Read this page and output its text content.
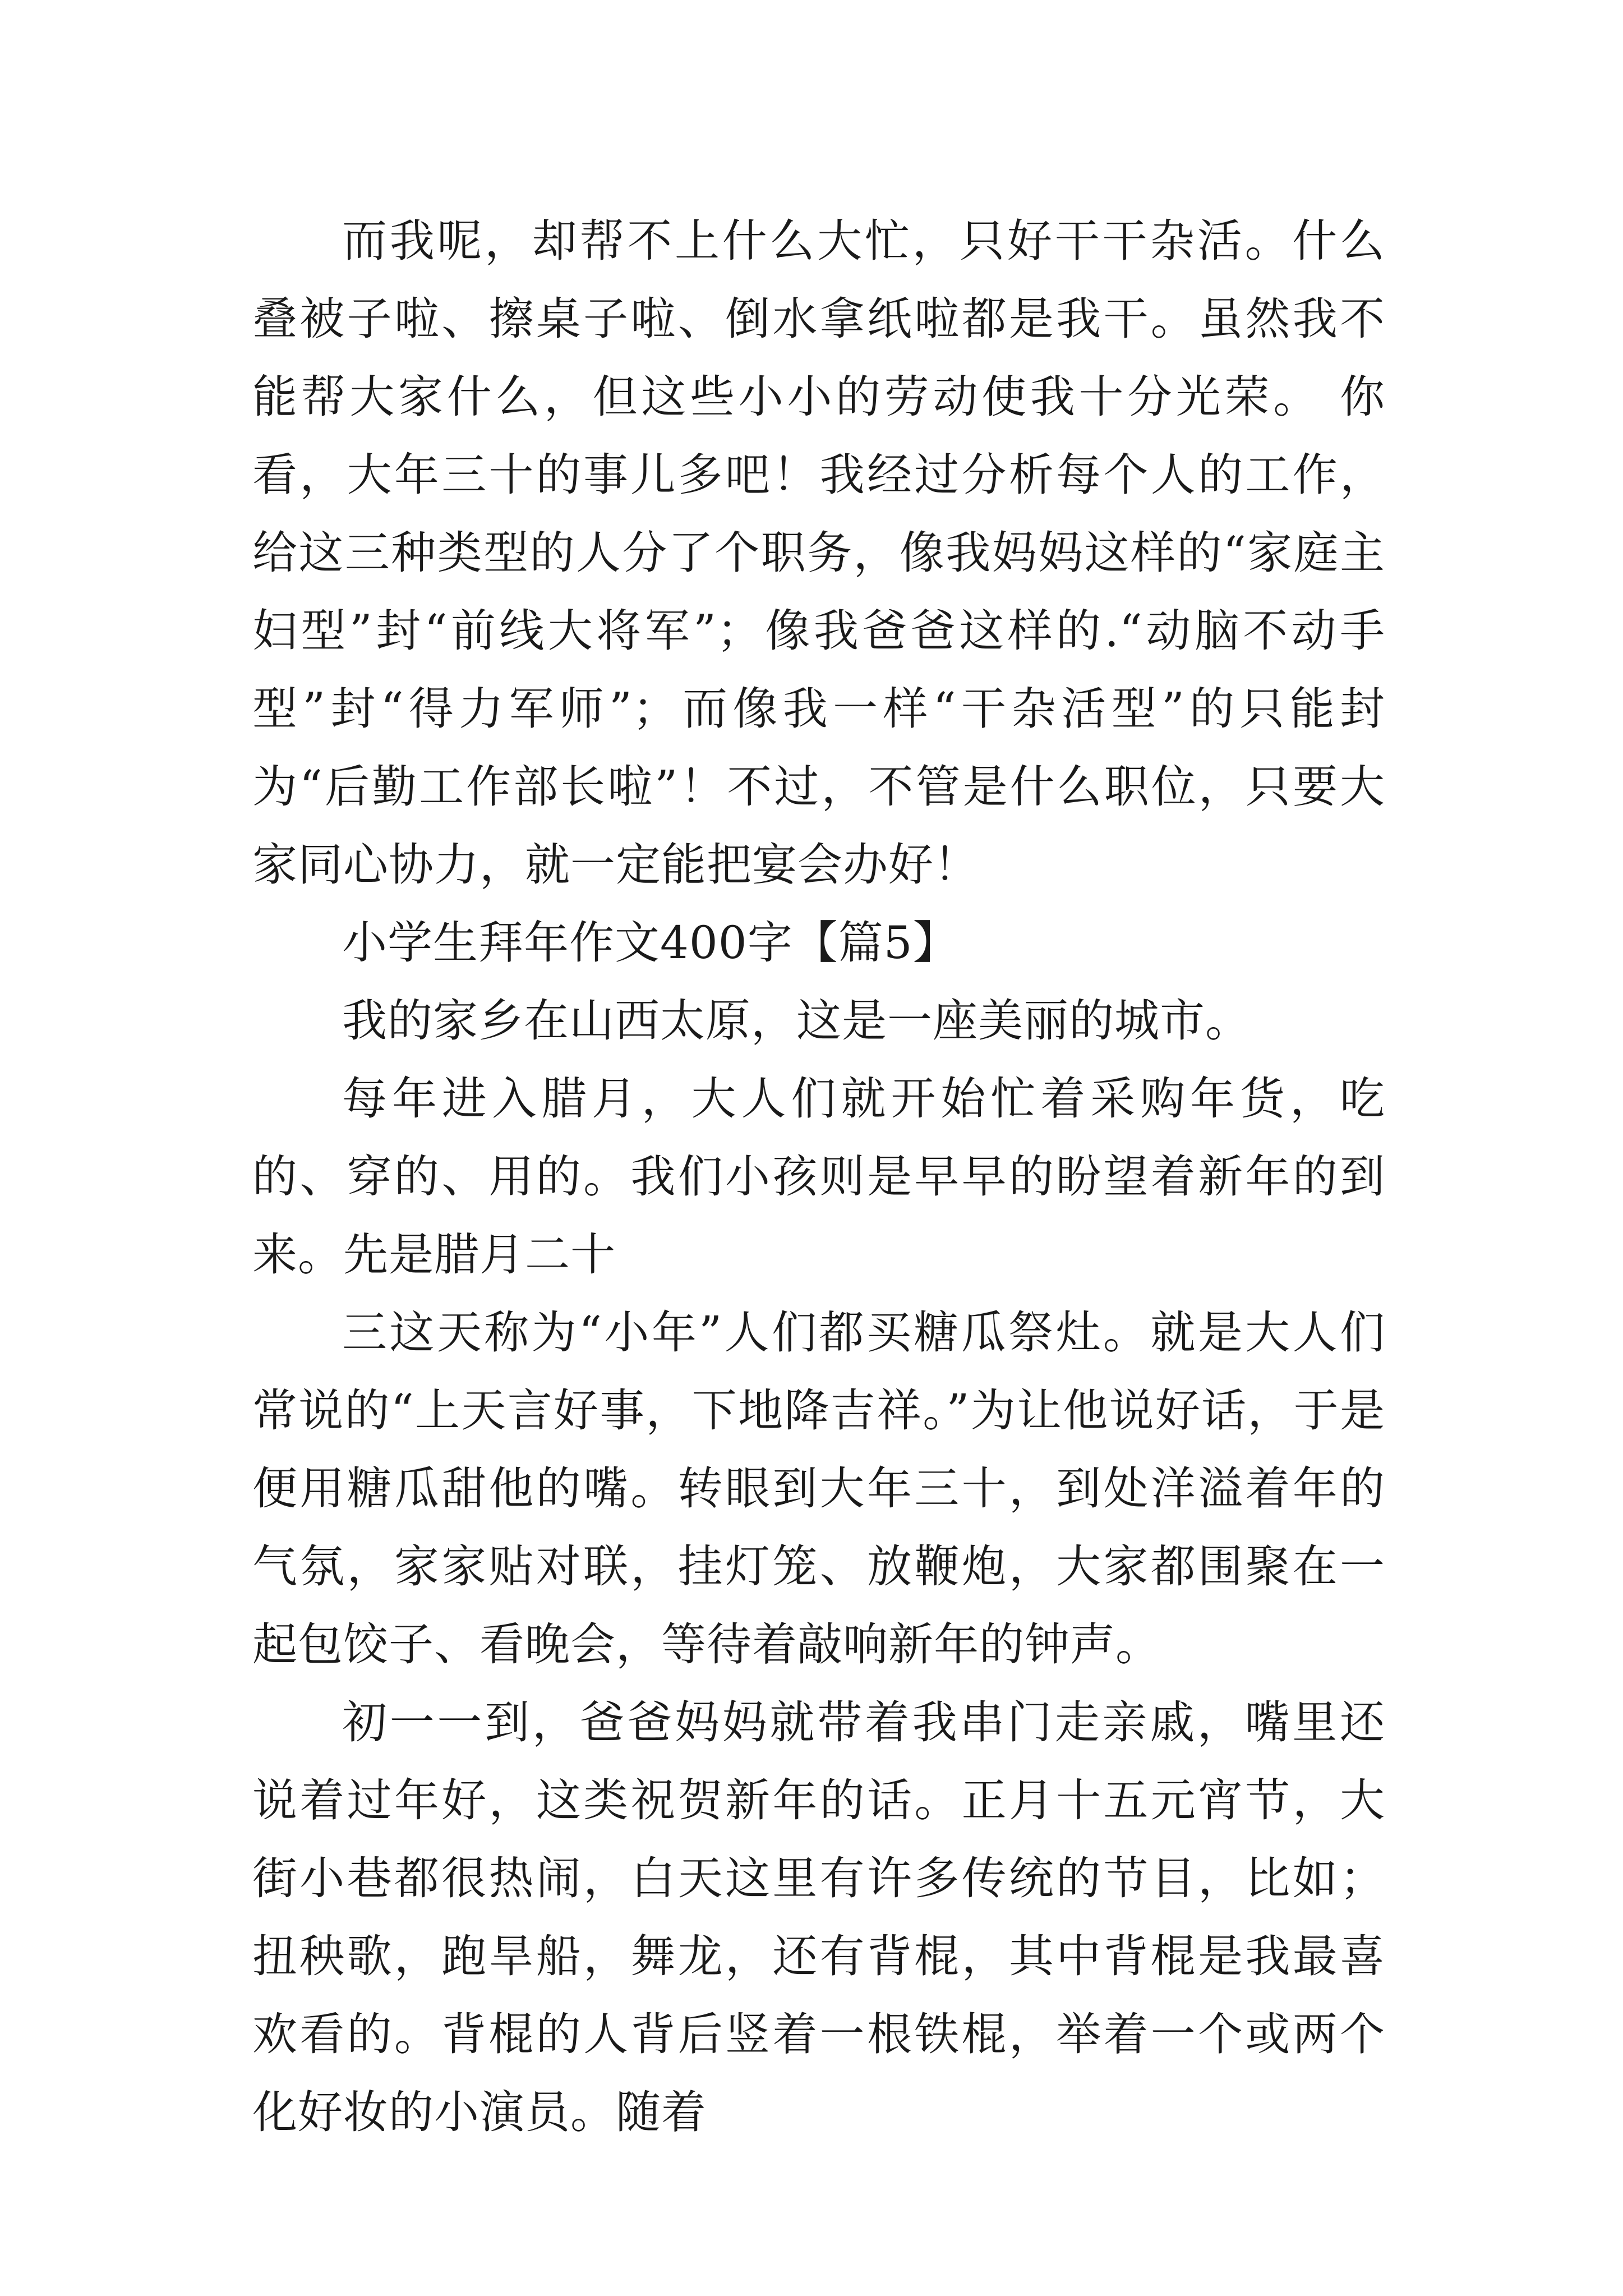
而我呢，却帮不上什么大忙，只好干干杂活。什么叠被子啦、擦桌子啦、倒水拿纸啦都是我干。虽然我不能帮大家什么，但这些小小的劳动使我十分光荣。 你看，大年三十的事儿多吧！我经过分析每个人的工作，给这三种类型的人分了个职务，像我妈妈这样的“家庭主妇型”封“前线大将军”；像我爸爸这样的.“动脑不动手型”封“得力军师”；而像我一样“干杂活型”的只能封为“后勤工作部长啦”！不过，不管是什么职位，只要大家同心协力，就一定能把宴会办好！

小学生拜年作文400字【篇5】

我的家乡在山西太原，这是一座美丽的城市。

每年进入腊月，大人们就开始忙着采购年货，吃的、穿的、用的。我们小孩则是早早的盼望着新年的到来。先是腊月二十

三这天称为“小年”人们都买糖瓜祭灶。就是大人们常说的“上天言好事，下地降吉祥。”为让他说好话，于是便用糖瓜甜他的嘴。转眼到大年三十，到处洋溢着年的气氛，家家贴对联，挂灯笼、放鞭炮，大家都围聚在一起包饺子、看晚会，等待着敲响新年的钟声。

初一一到，爸爸妈妈就带着我串门走亲戚，嘴里还说着过年好，这类祝贺新年的话。正月十五元宵节，大街小巷都很热闹，白天这里有许多传统的节目，比如；扭秧歌，跑旱船，舞龙，还有背棍，其中背棍是我最喜欢看的。背棍的人背后竖着一根铁棍，举着一个或两个化好妆的小演员。随着
